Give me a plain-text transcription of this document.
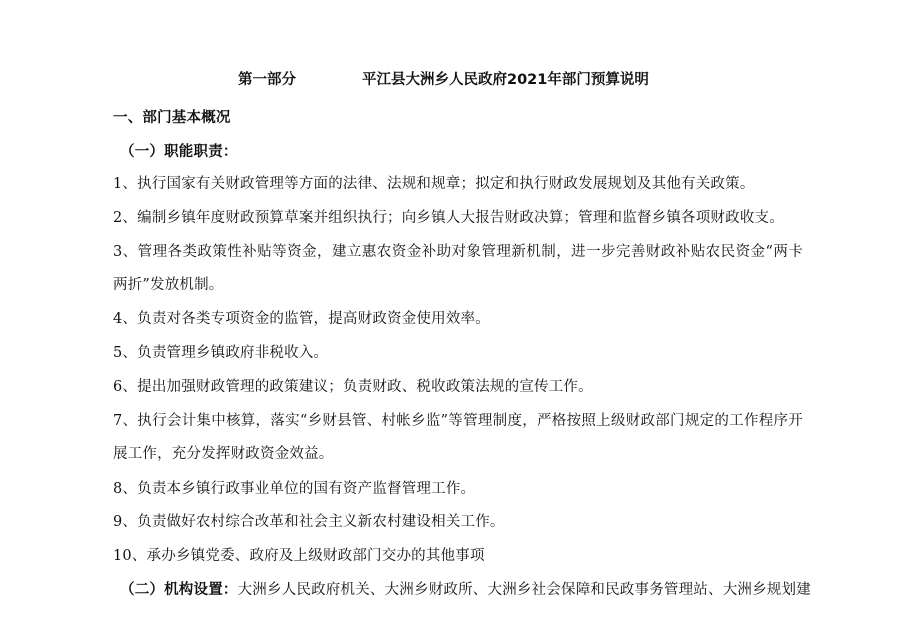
第一部分	平江县大洲乡人民政府2021年部门预算说明
一、部门基本概况
（一）职能职责：
1、执行国家有关财政管理等方面的法律、法规和规章；拟定和执行财政发展规划及其他有关政策。
2、编制乡镇年度财政预算草案并组织执行；向乡镇人大报告财政决算；管理和监督乡镇各项财政收支。
3、管理各类政策性补贴等资金，建立惠农资金补助对象管理新机制，进一步完善财政补贴农民资金“两卡
两折”发放机制。
4、负责对各类专项资金的监管，提高财政资金使用效率。
5、负责管理乡镇政府非税收入。
6、提出加强财政管理的政策建议；负责财政、税收政策法规的宣传工作。
7、执行会计集中核算，落实“乡财县管、村帐乡监”等管理制度，严格按照上级财政部门规定的工作程序开
展工作，充分发挥财政资金效益。
8、负责本乡镇行政事业单位的国有资产监督管理工作。
9、负责做好农村综合改革和社会主义新农村建设相关工作。
10、承办乡镇党委、政府及上级财政部门交办的其他事项
（二）机构设置：大洲乡人民政府机关、大洲乡财政所、大洲乡社会保障和民政事务管理站、大洲乡规划建
